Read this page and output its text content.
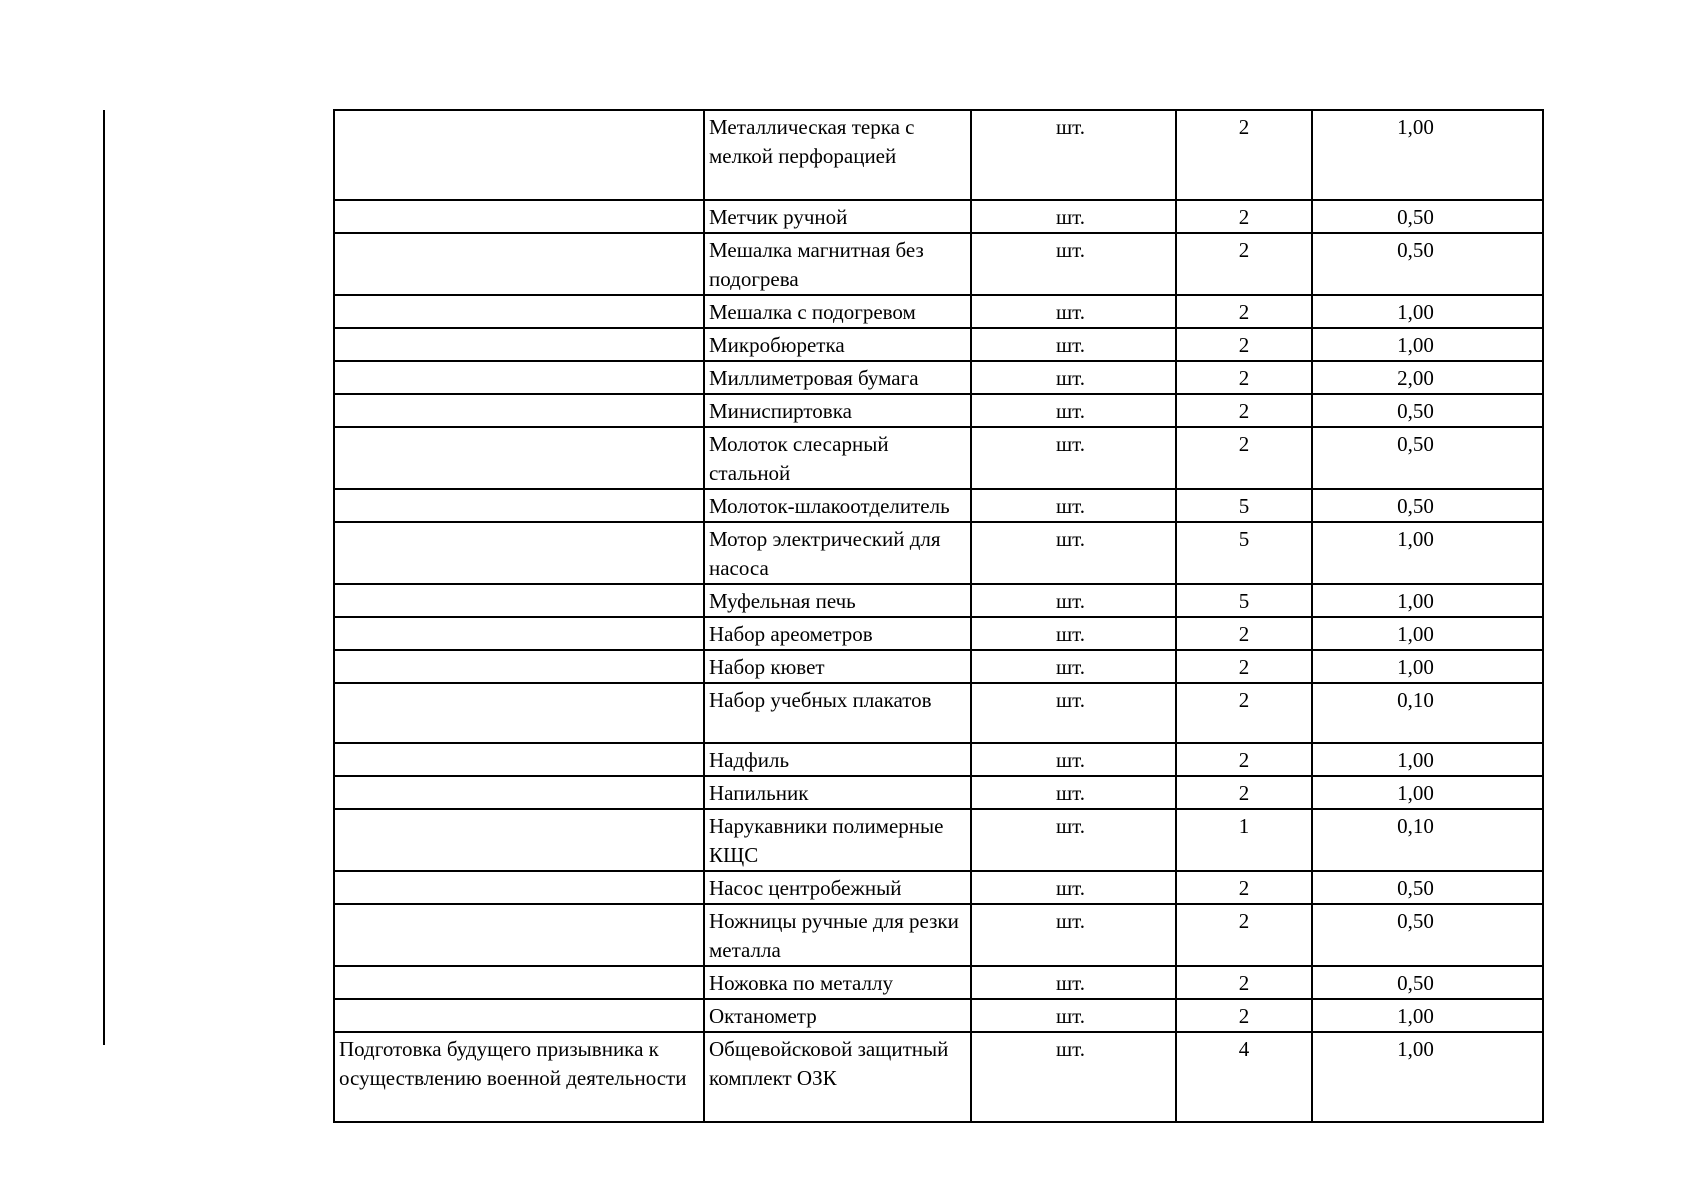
	Металлическая терка с мелкой перфорацией	шт.	2	1,00
	Метчик ручной	шт.	2	0,50
	Мешалка магнитная без подогрева	шт.	2	0,50
	Мешалка с подогревом	шт.	2	1,00
	Микробюретка	шт.	2	1,00
	Миллиметровая бумага	шт.	2	2,00
	Миниспиртовка	шт.	2	0,50
	Молоток слесарный стальной	шт.	2	0,50
	Молоток-шлакоотделитель	шт.	5	0,50
	Мотор электрический для насоса	шт.	5	1,00
	Муфельная печь	шт.	5	1,00
	Набор ареометров	шт.	2	1,00
	Набор кювет	шт.	2	1,00
	Набор учебных плакатов	шт.	2	0,10
	Надфиль	шт.	2	1,00
	Напильник	шт.	2	1,00
	Нарукавники полимерные КЩС	шт.	1	0,10
	Насос центробежный	шт.	2	0,50
	Ножницы ручные для резки металла	шт.	2	0,50
	Ножовка по металлу	шт.	2	0,50
	Октанометр	шт.	2	1,00
Подготовка будущего призывника к осуществлению военной деятельности	Общевойсковой защитный комплект ОЗК	шт.	4	1,00
